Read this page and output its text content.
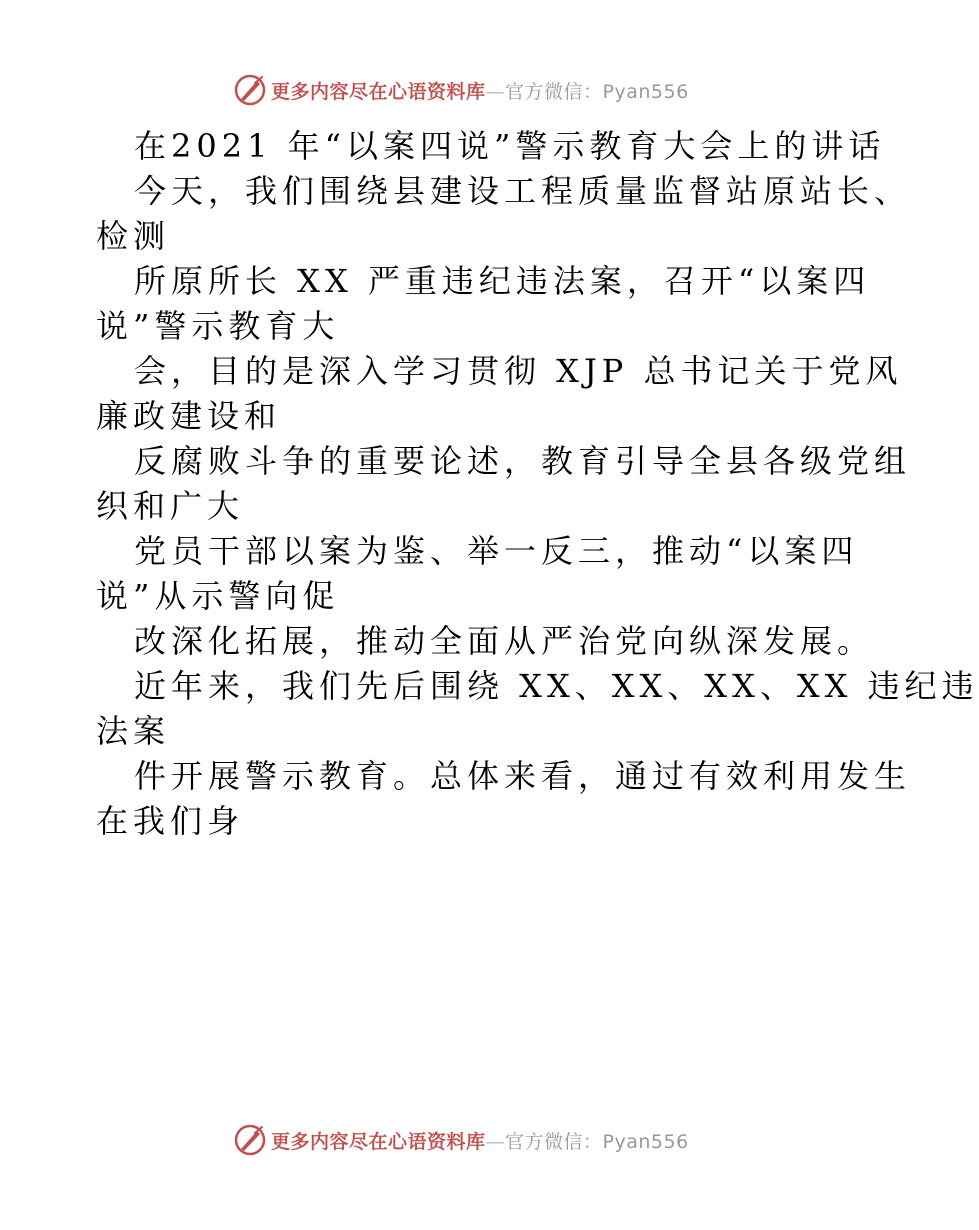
更多内容尽在心语资料库—官方微信：Pyan556
在2021 年“以案四说”警示教育大会上的讲话
今天，我们围绕县建设工程质量监督站原站长、
检测
所原所长 XX 严重违纪违法案，召开“以案四
说”警示教育大
会，目的是深入学习贯彻 XJP 总书记关于党风
廉政建设和
反腐败斗争的重要论述，教育引导全县各级党组
织和广大
党员干部以案为鉴、举一反三，推动“以案四
说”从示警向促
改深化拓展，推动全面从严治党向纵深发展。
近年来，我们先后围绕 XX、XX、XX、XX 违纪违
法案
件开展警示教育。总体来看，通过有效利用发生
在我们身
更多内容尽在心语资料库—官方微信：Pyan556
